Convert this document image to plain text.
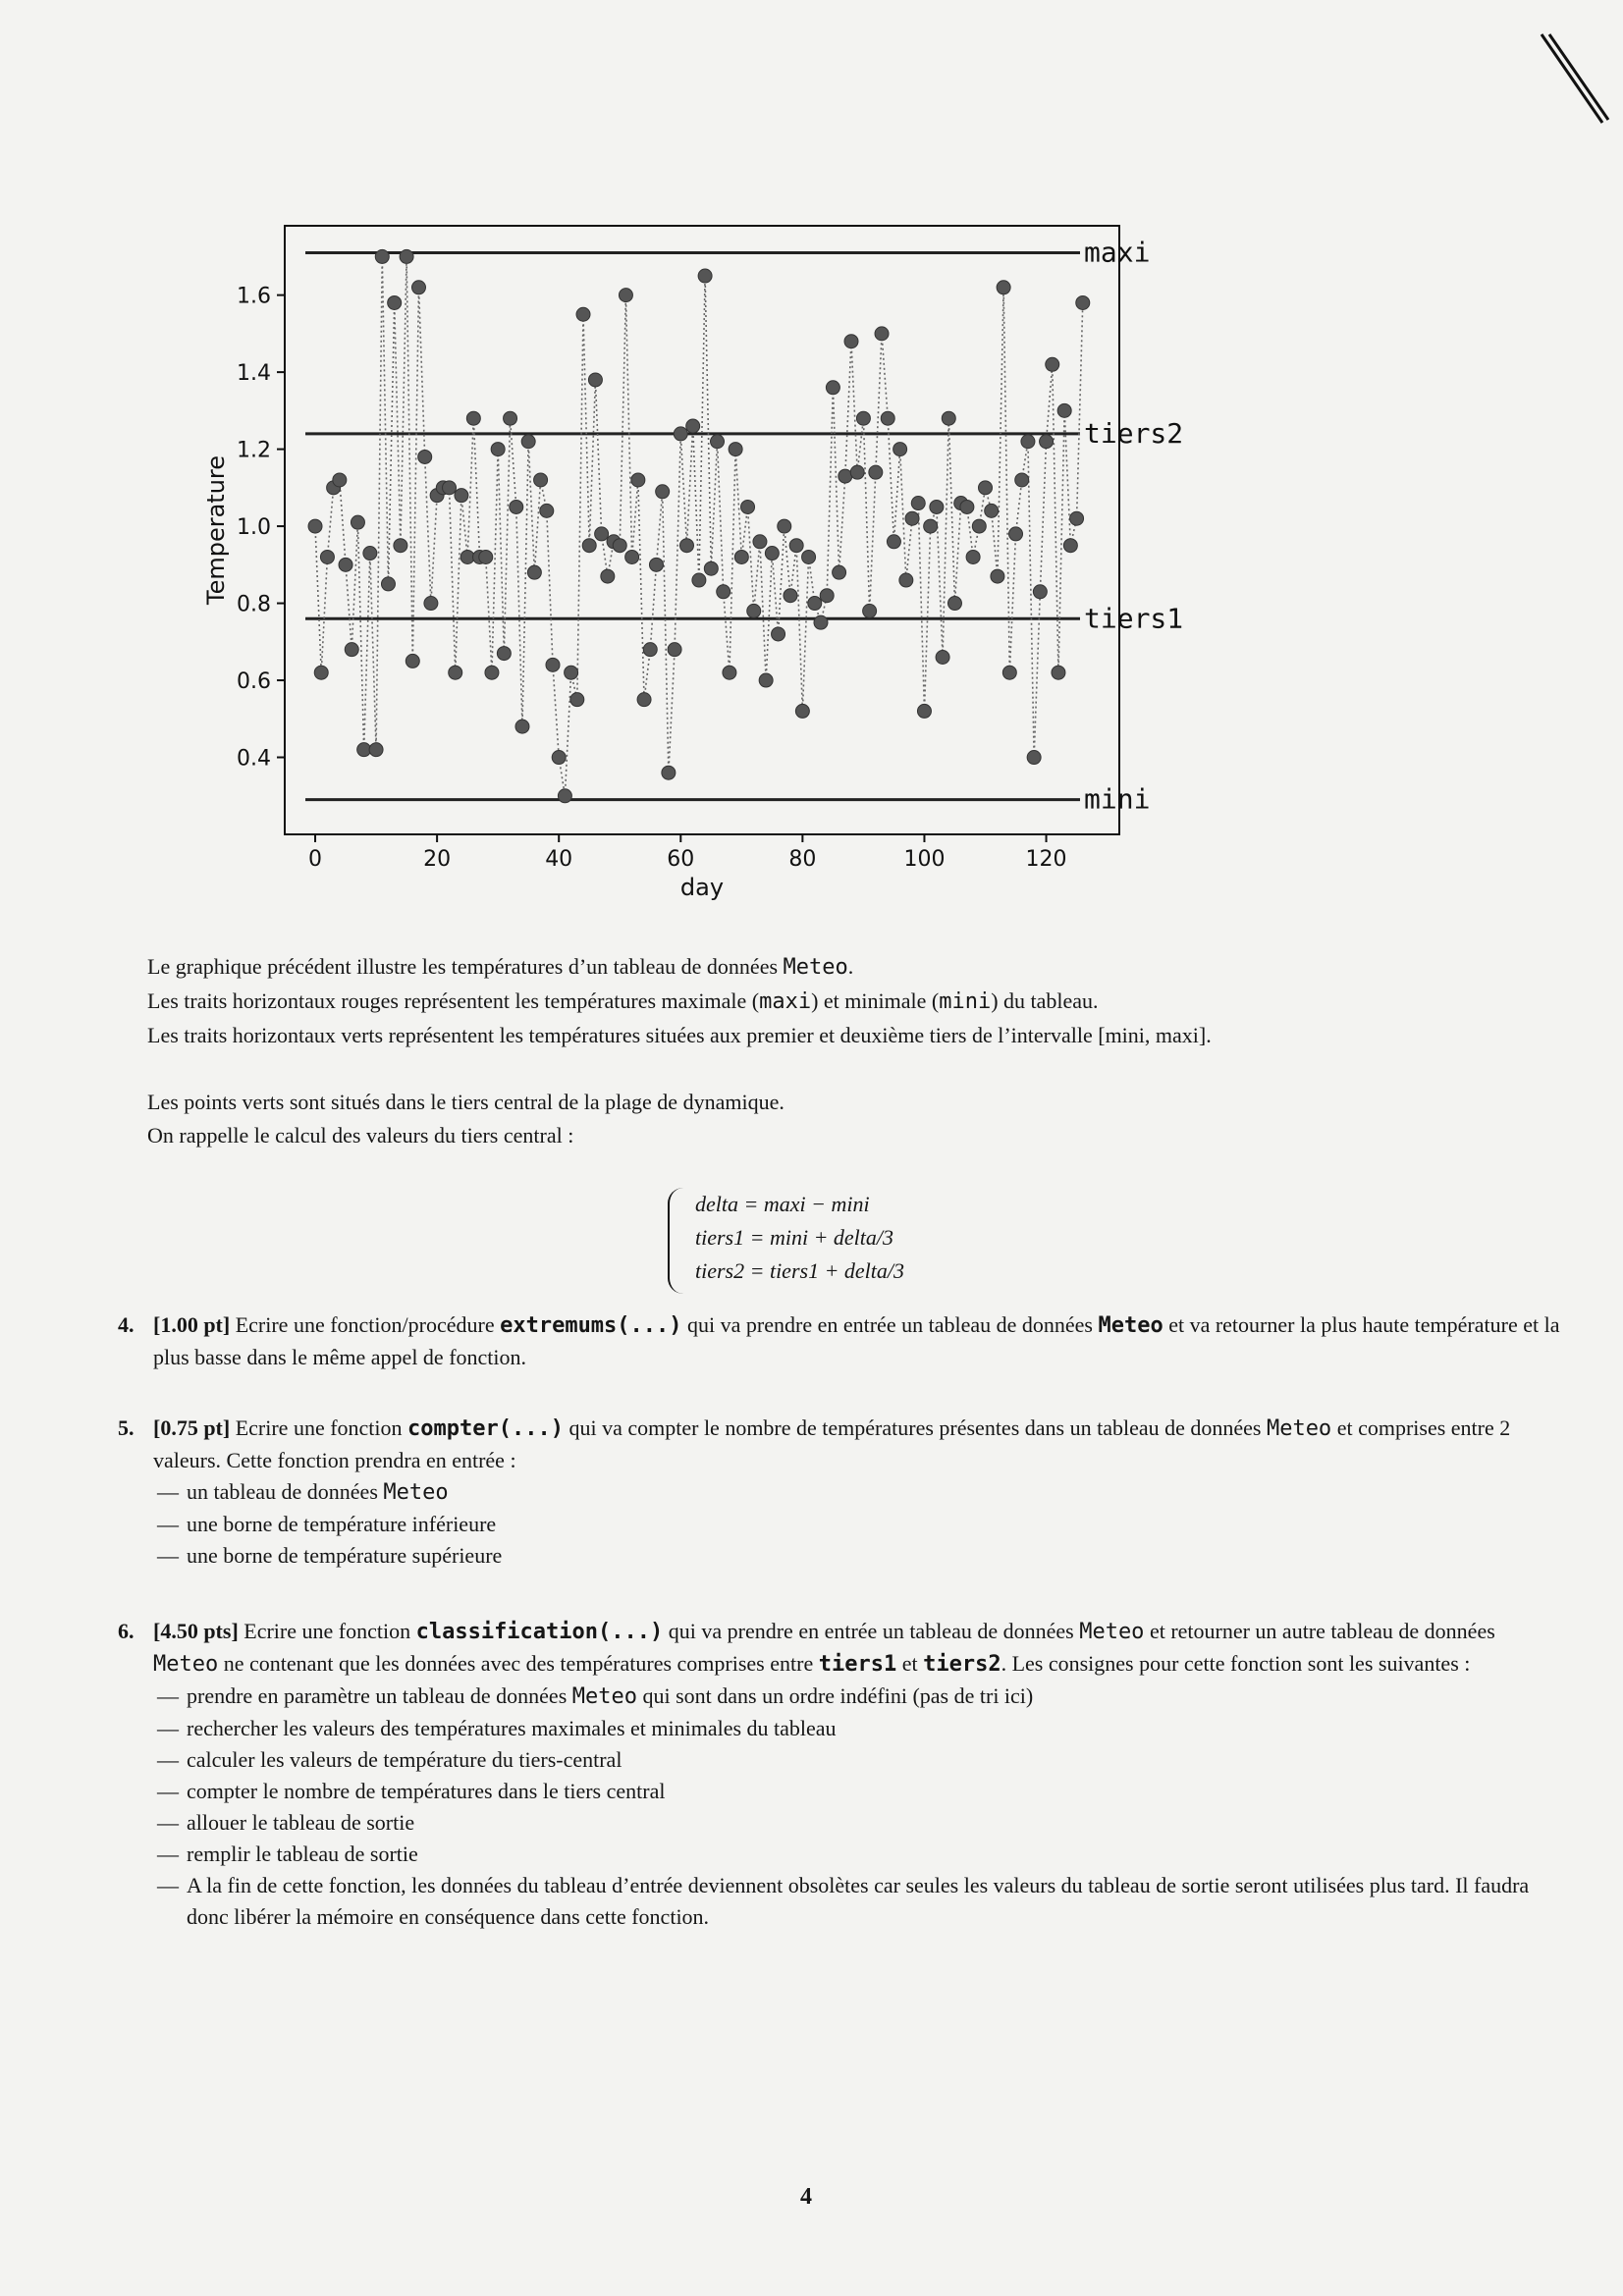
0	20	40	60	80	100	120
0.4
0.6
0.8
1.0
1.2
1.4
1.6
day
Temperature
maxi
tiers2
tiers1
mini
Le graphique précédent illustre les températures d’un tableau de données Meteo.
Les traits horizontaux rouges représentent les températures maximale (maxi) et minimale (mini) du tableau.
Les traits horizontaux verts représentent les températures situées aux premier et deuxième tiers de l’intervalle [mini, maxi].
Les points verts sont situés dans le tiers central de la plage de dynamique.
On rappelle le calcul des valeurs du tiers central :
delta = maxi − mini
tiers1 = mini + delta/3
tiers2 = tiers1 + delta/3
4. [1.00 pt] Ecrire une fonction/procédure extremums(...) qui va prendre en entrée un tableau de données Meteo et va retourner la plus haute température et la plus basse dans le même appel de fonction.
5. [0.75 pt] Ecrire une fonction compter(...) qui va compter le nombre de températures présentes dans un tableau de données Meteo et comprises entre 2 valeurs. Cette fonction prendra en entrée :
— un tableau de données Meteo
— une borne de température inférieure
— une borne de température supérieure
6. [4.50 pts] Ecrire une fonction classification(...) qui va prendre en entrée un tableau de données Meteo et retourner un autre tableau de données Meteo ne contenant que les données avec des températures comprises entre tiers1 et tiers2. Les consignes pour cette fonction sont les suivantes :
— prendre en paramètre un tableau de données Meteo qui sont dans un ordre indéfini (pas de tri ici)
— rechercher les valeurs des températures maximales et minimales du tableau
— calculer les valeurs de température du tiers-central
— compter le nombre de températures dans le tiers central
— allouer le tableau de sortie
— remplir le tableau de sortie
— A la fin de cette fonction, les données du tableau d’entrée deviennent obsolètes car seules les valeurs du tableau de sortie seront utilisées plus tard. Il faudra donc libérer la mémoire en conséquence dans cette fonction.
4
